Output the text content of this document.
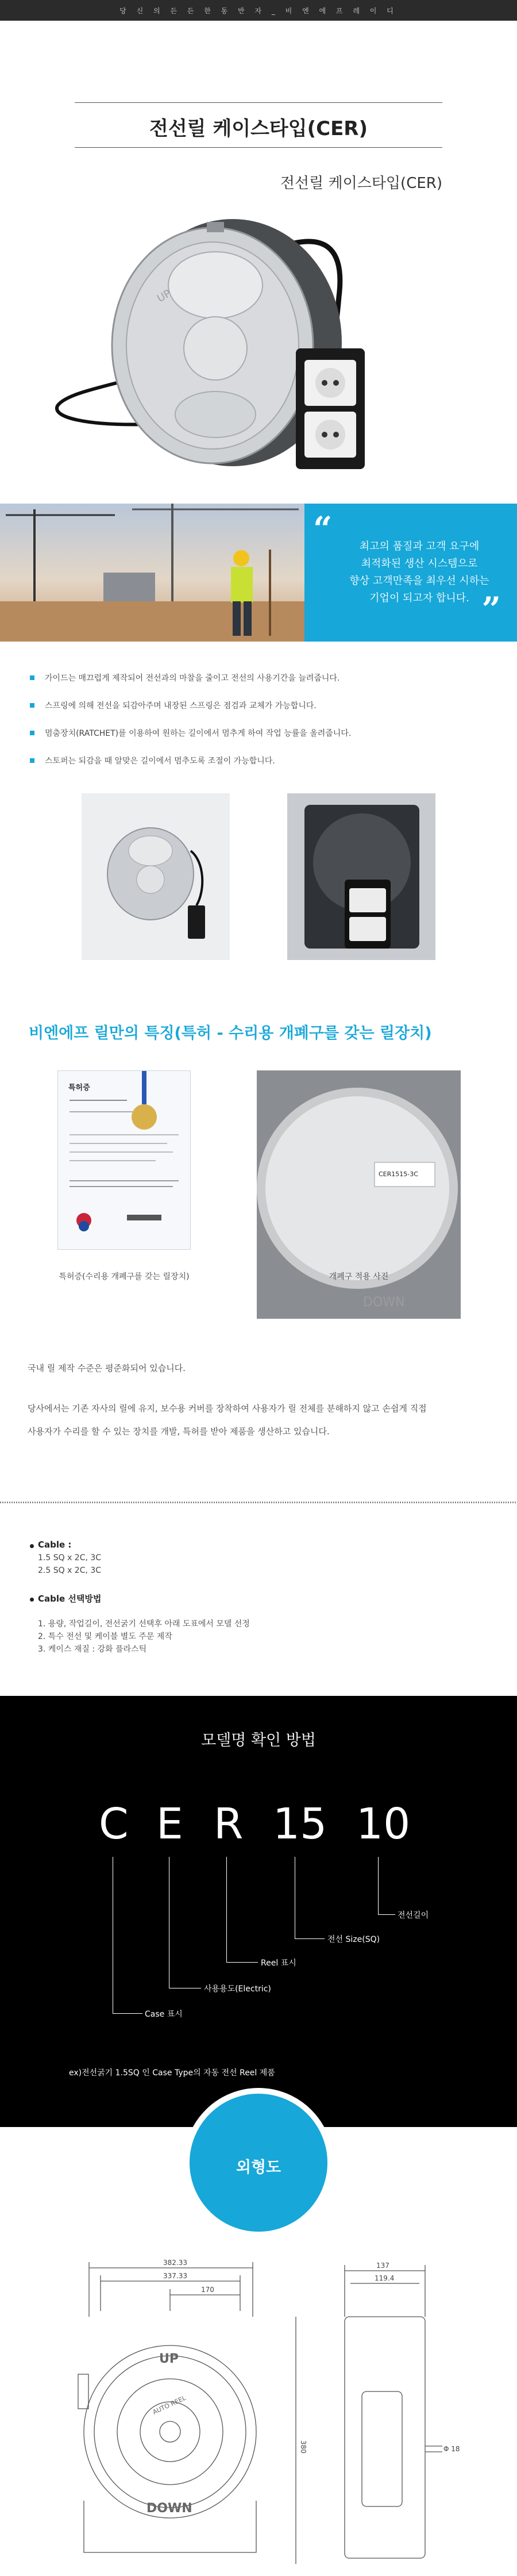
당 신 의 든 든 한 동 반 자 _ 비 엔 에 프 레 이 디
전선릴 케이스타입(CER)
전선릴 케이스타입(CER)
UP
“	최고의 품질과 고객 요구에
최적화된 생산 시스템으로
향상 고객만족을 최우선 시하는
기업이 되고자 합니다. ”
가이드는 매끄럽게 제작되어 전선과의 마찰을 줄이고 전선의 사용기간을 늘려줍니다.
스프링에 의해 전선을 되감아주며 내장된 스프링은 점검과 교체가 가능합니다.
멈춤장치(RATCHET)를 이용하여 원하는 길이에서 멈추게 하여 작업 능률을 올려줍니다.
스토퍼는 되감을 때 알맞은 길이에서 멈추도록 조절이 가능합니다.
비엔에프 릴만의 특징(특허 - 수리용 개폐구를 갖는 릴장치)
특허증
특허증(수리용 개폐구를 갖는 릴장치)
DOWN
CER1515-3C
개폐구 적용 사진
국내 릴 제작 수준은 평준화되어 있습니다.
당사에서는 기존 자사의 릴에 유지, 보수용 커버를 장착하여 사용자가 릴 전체를 분해하지 않고 손쉽게 직접
사용자가 수리를 할 수 있는 장치를 개발, 특허를 받아 제품을 생산하고 있습니다.
Cable :
1.5 SQ x 2C, 3C
2.5 SQ x 2C, 3C
Cable 선택방법
1. 용량, 작업길이, 전선굵기 선택후 아래 도표에서 모델 선정
2. 특수 전선 및 케이블 별도 주문 제작
3. 케이스 재질 : 강화 플라스틱
모델명 확인 방법
C E R 15 10
전선길이
전선 Size(SQ)
Reel 표시
사용용도(Electric)
Case 표시
ex)전선굵기 1.5SQ 인 Case Type의 자동 전선 Reel 제품
외형도
382.33
337.33
170
380
137
119.4
Φ 18
UP
DOWN
AUTO REEL
